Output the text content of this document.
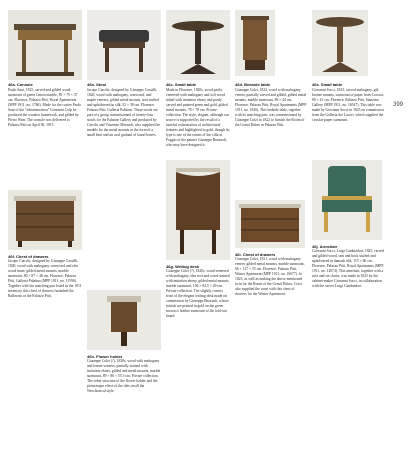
399
46a. Console

Paolo Sani, 1815, carved and gilded wood, surmount of green Genoa marble, 85 × 79 × 37 cm. Florence, Palazzo Pitti, Royal Apartments (MPP 1911, no. 1766). Made for the cartier Paolo Sani of the "administration" Giovanni Colp he produced the wooden framework, and gilded by Pietro Wear. The console was delivered to Palazzo Pitti on April 30, 1815.

46b. Stool

Jacopo Ciacchi, designed by Giuseppe Cacialli, 1820, wood with mahogany, rosewood, and maple veneers, gilded metal mounts, seat stuffed and upholstered in silk, 52 × 38 cm. Florence, Palazzo Pitti, Galleria Palatina. These stools are part of a group commissioned of twenty-four stools for the Palatine Gallery and produced by Ciacchi and Vincenzo Morandi, who supplied the models for the metal mounts in the form of a small bear and an oval garland of laurel leaves.

46c. Small table

Made in Florence, 1820s, wood partly veneered with mahogany and soft wood inlaid with imitation ebony and partly carved and painted green and gold, gilded metal mounts, 78 × 70 cm. Private collection. The style, elegant, although our source is supported by the result of a tasteful orchestration of architectural features and highlighted in gold, though its type is one of the rooms of the villa at Poggio of the painter Giuseppe Bezzuoli, who may have designed it.

46d. Bedside table

Giuseppe Colzi, 1822, wood with mahogany veneer, partially carved and gilded, gilded metal mounts, marble surmount, 89 × 44 cm. Florence, Palazzo Pitti, Royal Apartments (MPP 1911, no. 1826). This bedside table, together with its matching pair, was commissioned by Giuseppe Colzi in 1822 to furnish the Room of the Grand Dukes in Palazzo Pitti.

46e. Small table

Giovanni Socci, 1825, carved mahogany, gilt bronze mounts, surmount of paper from Corsica, 80 × 41 cm. Florence, Palazzo Pitti, Stanzino Gallery (MPP 1911, no. 16547). This table was made by Giovanni Socci in 1825 on commission from the Galleria dei Lavori, which supplied the circular paper surmount.

46f. Chest of drawers
Jacopo Ciacchi, designed by Giuseppe Cacialli, 1820, wood with mahogany, rosewood and elm wood inner, gilded metal mounts, marble surmount, 89 × 87 × 46 cm. Florence, Palazzo Pitti, Galleria Palatina (MPP 1911, no. 11596). Together with the matching pair listed in the 1911 inventory this chest of drawers furnished the Ballroom of the Palazzo Pitti.
46g. Writing desk
Giuseppe Colzi (?), 1820s, wood veneered with mahogany, elm root and wood stained with imitation ebony, gilded metal mounts, marble surmount, 106 × 82.5 × 49 cm. Private collection. The slightly convex front of the elegant writing desk made on commission by Giuseppe Bezzuoli, whose initials are printed in gold on the green morocco leather surmount of the fold-out board.
46h. Flower holder
Giuseppe Colzi (?), 1820s, wood with mahogany and lemon veneers, partially stained with imitation ebony, gilded and metal mounts, marble surmount, 89 × 86 × 55.5 cm. Private collection. The sober structure of the flower holder and the picturesque effect of the tiles recall the Neoclassical style.
46i. Chest of drawers
Giuseppe Colzi, 1821, wood with mahogany veneer, gilded metal mounts, marble surmount, 96 × 127 × 55 cm. Florence, Palazzo Pitti, Winter Apartment (MPP 1911, no. 16677). In 1821, as well as making the above mentioned twin for the Room of the Grand Dukes, Colzi also supplied the court with this chest of drawers for the Winter Apartment.
46j. Armchair
Giovanni Socci, Luigi Cambiadori, 1825, carved and gilded wood, seat and back stuffed and upholstered in damask silk, 115 × 66 cm. Florence, Palazzo Pitti, Royal Apartments (MPP 1911, no. 12874). This armchair, together with a sofa and six chairs, was made in 1825 by the cabinet-maker Giovanni Socci, in collaboration with the carver Luigi Cambiadori.
